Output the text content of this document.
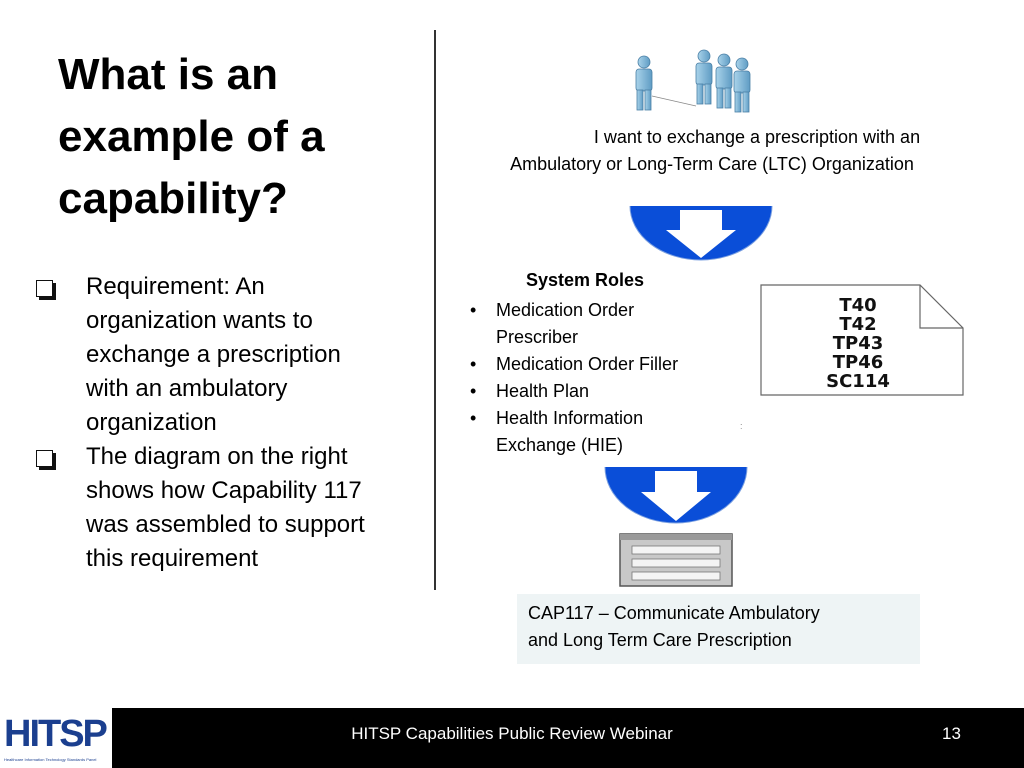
What is an
example of a
capability?
Requirement: An
organization wants to
exchange a prescription
with an ambulatory
organization
The diagram on the right
shows how Capability 117
was assembled to support
this requirement
I want to exchange a prescription with an
Ambulatory or Long-Term Care (LTC) Organization
System Roles
• Medication Order
Prescriber
• Medication Order Filler
• Health Plan
• Health Information
Exchange (HIE)
T40
T42
TP43
TP46
SC114
:
CAP117 – Communicate Ambulatory
and Long Term Care Prescription
HITSP
Healthcare Information Technology Standards Panel
HITSP Capabilities Public Review Webinar	13
